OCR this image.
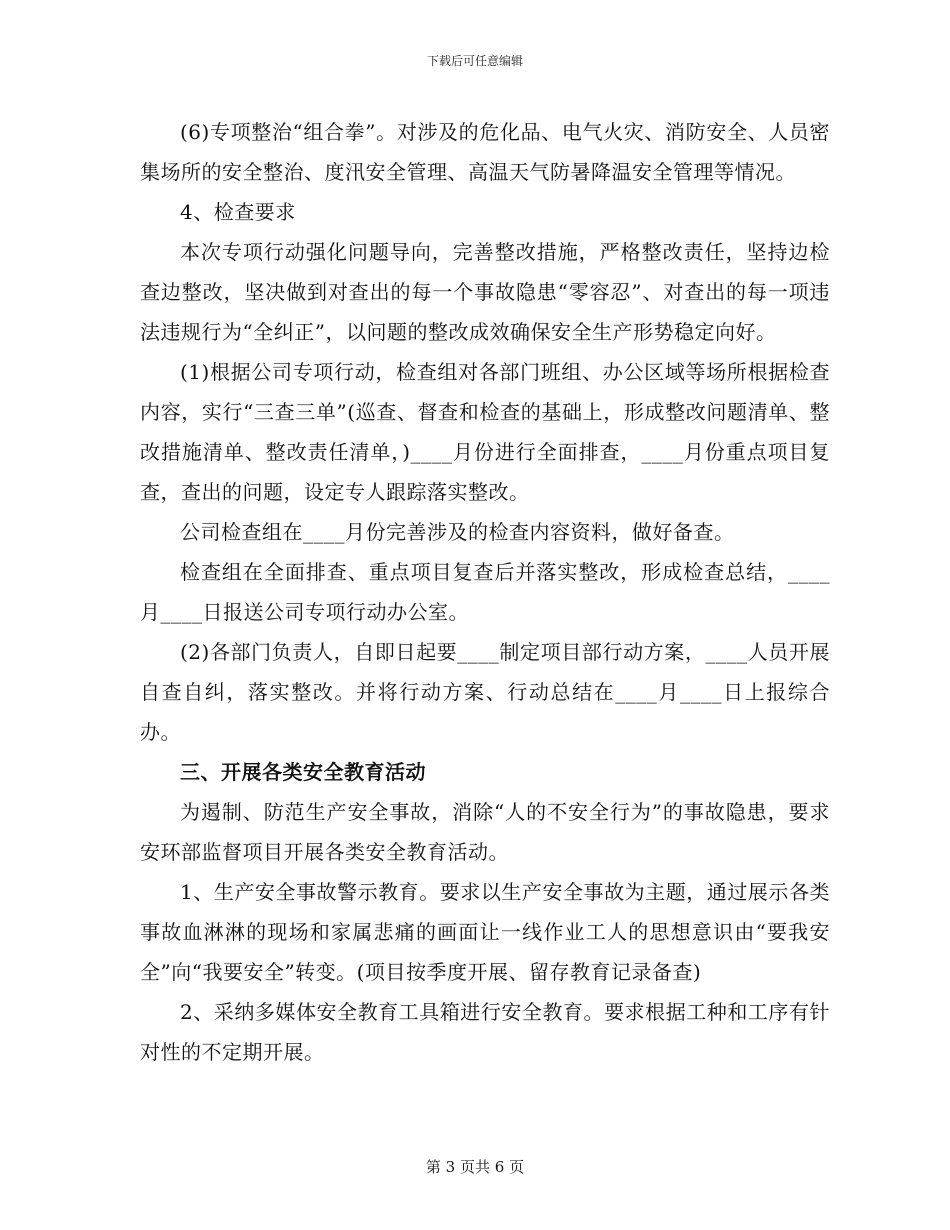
下载后可任意编辑

(6)专项整治“组合拳”。对涉及的危化品、电气火灾、消防安全、人员密集场所的安全整治、度汛安全管理、高温天气防暑降温安全管理等情况。

4、检查要求

本次专项行动强化问题导向，完善整改措施，严格整改责任，坚持边检查边整改，坚决做到对查出的每一个事故隐患“零容忍”、对查出的每一项违法违规行为“全纠正”，以问题的整改成效确保安全生产形势稳定向好。

(1)根据公司专项行动，检查组对各部门班组、办公区域等场所根据检查内容，实行“三查三单”(巡查、督查和检查的基础上，形成整改问题清单、整改措施清单、整改责任清单，)____月份进行全面排查，____月份重点项目复查，查出的问题，设定专人跟踪落实整改。

公司检查组在____月份完善涉及的检查内容资料，做好备查。

检查组在全面排查、重点项目复查后并落实整改，形成检查总结，____月____日报送公司专项行动办公室。

(2)各部门负责人，自即日起要____制定项目部行动方案，____人员开展自查自纠，落实整改。并将行动方案、行动总结在____月____日上报综合办。

三、开展各类安全教育活动

为遏制、防范生产安全事故，消除“人的不安全行为”的事故隐患，要求安环部监督项目开展各类安全教育活动。

1、生产安全事故警示教育。要求以生产安全事故为主题，通过展示各类事故血淋淋的现场和家属悲痛的画面让一线作业工人的思想意识由“要我安全”向“我要安全”转变。(项目按季度开展、留存教育记录备查)

2、采纳多媒体安全教育工具箱进行安全教育。要求根据工种和工序有针对性的不定期开展。

第 3 页共 6 页
